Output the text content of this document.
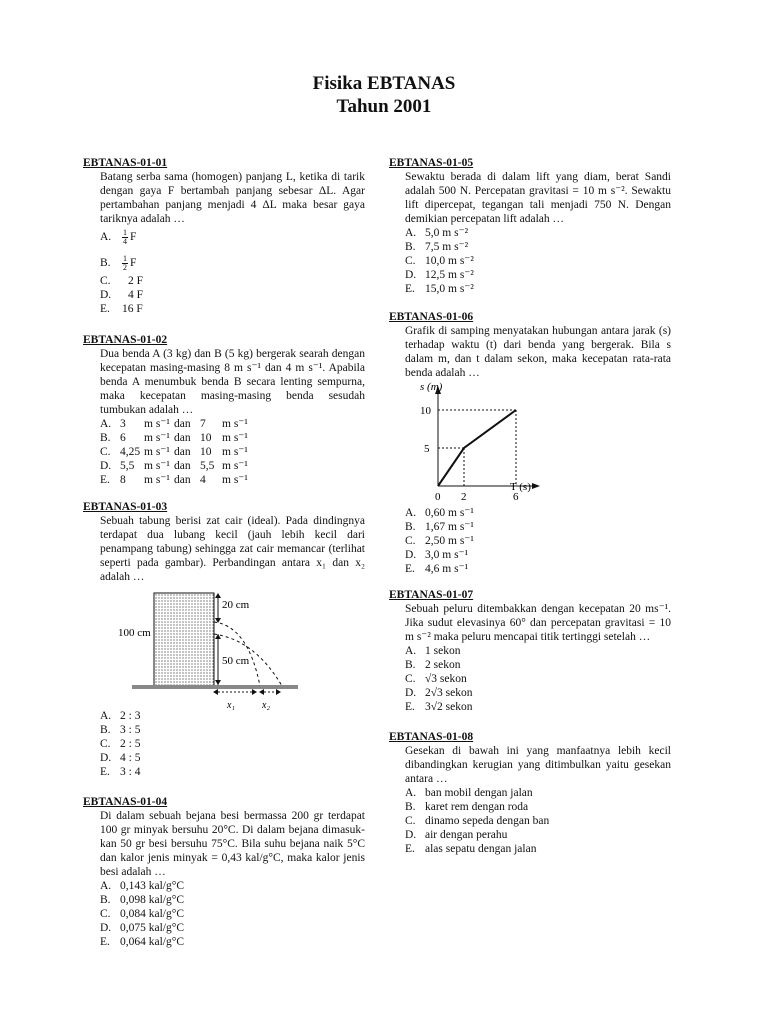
Fisika EBTANAS
Tahun 2001
EBTANAS-01-01
Batang serba sama (homogen) panjang L, ketika di tarik dengan gaya F bertambah panjang sebesar ΔL. Agar pertambahan panjang menjadi 4 ΔL maka besar gaya tariknya adalah …
A.	$\frac{1}{4}$ F
B.	$\frac{1}{2}$ F
C.	2 F
D.	4 F
E.	16 F
EBTANAS-01-02
Dua benda A (3 kg) dan B (5 kg) bergerak searah dengan kecepatan masing-masing 8 m s⁻¹ dan 4 m s⁻¹. Apabila benda A menumbuk benda B secara lenting sempurna, maka kecepatan masing-masing benda sesudah tumbukan adalah …
A. 3	m s⁻¹ dan 7	m s⁻¹
B. 6	m s⁻¹ dan 10 m s⁻¹
C. 4,25 m s⁻¹ dan 10 m s⁻¹
D. 5,5 m s⁻¹ dan 5,5 m s⁻¹
E. 8	m s⁻¹ dan 4	m s⁻¹
EBTANAS-01-03
Sebuah tabung berisi zat cair (ideal). Pada dindingnya terdapat dua lubang kecil (jauh lebih kecil dari penampang tabung) sehingga zat cair memancar (terlihat seperti pada gambar). Perbandingan antara x₁ dan x₂ adalah …
20 cm
50 cm
100 cm
x₁	x₂
A. 2 : 3
B. 3 : 5
C. 2 : 5
D. 4 : 5
E. 3 : 4
EBTANAS-01-04
Di dalam sebuah bejana besi bermassa 200 gr terdapat 100 gr minyak bersuhu 20°C. Di dalam bejana dimasuk-kan 50 gr besi bersuhu 75°C. Bila suhu bejana naik 5°C dan kalor jenis minyak = 0,43 kal/g°C, maka kalor jenis besi adalah …
A. 0,143 kal/g°C
B. 0,098 kal/g°C
C. 0,084 kal/g°C
D. 0,075 kal/g°C
E. 0,064 kal/g°C
EBTANAS-01-05
Sewaktu berada di dalam lift yang diam, berat Sandi adalah 500 N. Percepatan gravitasi = 10 m s⁻². Sewaktu lift dipercepat, tegangan tali menjadi 750 N. Dengan demikian percepatan lift adalah …
A. 5,0 m s⁻²
B. 7,5 m s⁻²
C. 10,0 m s⁻²
D. 12,5 m s⁻²
E. 15,0 m s⁻²
EBTANAS-01-06
Grafik di samping menyatakan hubungan antara jarak (s) terhadap waktu (t) dari benda yang bergerak. Bila s dalam m, dan t dalam sekon, maka kecepatan rata-rata benda adalah …
s (m)
T (s)
0 2	6
5
10
A. 0,60 m s⁻¹
B. 1,67 m s⁻¹
C. 2,50 m s⁻¹
D. 3,0 m s⁻¹
E. 4,6 m s⁻¹
EBTANAS-01-07
Sebuah peluru ditembakkan dengan kecepatan 20 ms⁻¹. Jika sudut elevasinya 60° dan percepatan gravitasi = 10 m s⁻² maka peluru mencapai titik tertinggi setelah …
A. 1 sekon
B. 2 sekon
C. √3 sekon
D. 2√3 sekon
E. 3√2 sekon
EBTANAS-01-08
Gesekan di bawah ini yang manfaatnya lebih kecil dibandingkan kerugian yang ditimbulkan yaitu gesekan antara …
A. ban mobil dengan jalan
B. karet rem dengan roda
C. dinamo sepeda dengan ban
D. air dengan perahu
E. alas sepatu dengan jalan
